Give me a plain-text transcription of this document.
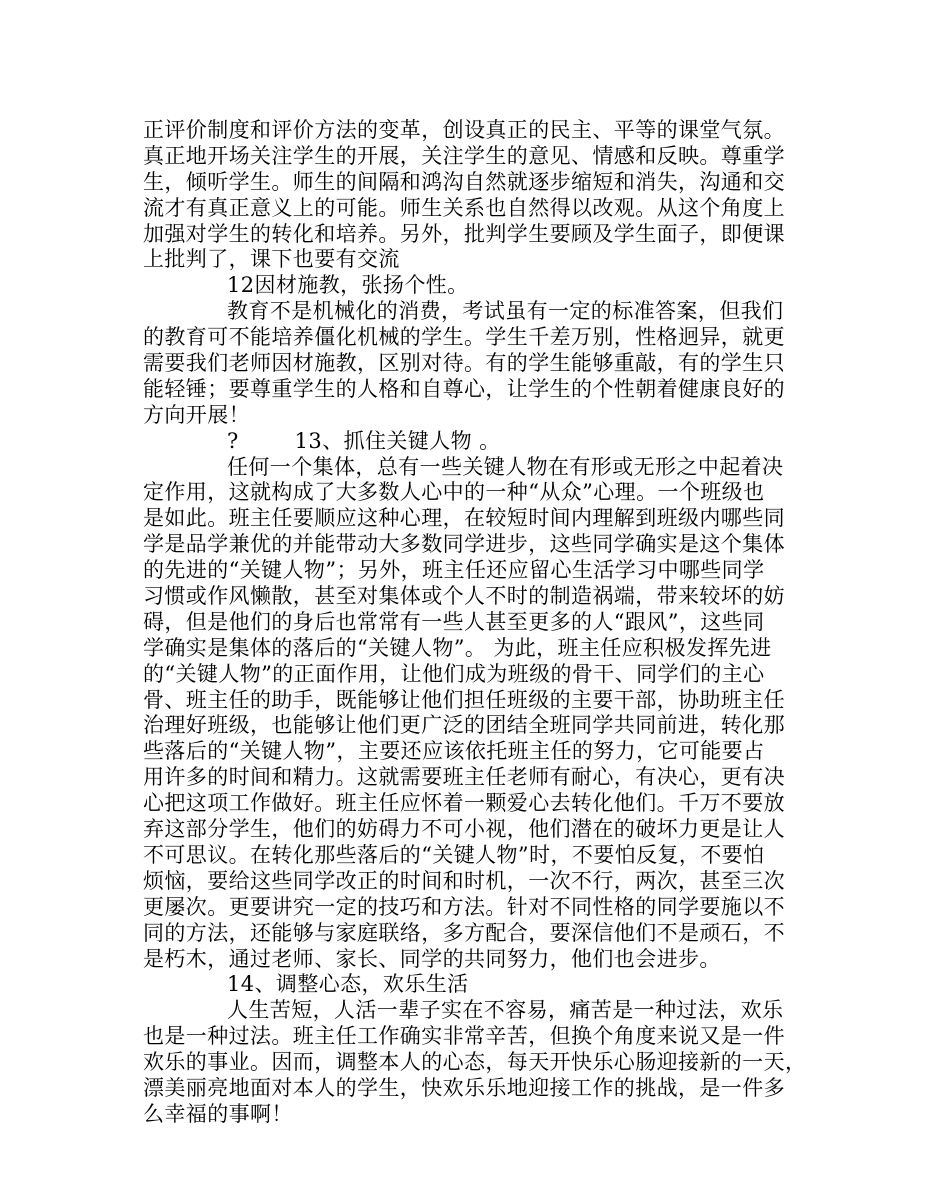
正评价制度和评价方法的变革，创设真正的民主、平等的课堂气氛。
真正地开场关注学生的开展，关注学生的意见、情感和反映。尊重学
生，倾听学生。师生的间隔和鸿沟自然就逐步缩短和消失，沟通和交
流才有真正意义上的可能。师生关系也自然得以改观。从这个角度上
加强对学生的转化和培养。另外，批判学生要顾及学生面子，即便课
上批判了，课下也要有交流
12因材施教，张扬个性。
教育不是机械化的消费，考试虽有一定的标准答案，但我们
的教育可不能培养僵化机械的学生。学生千差万别，性格迥异，就更
需要我们老师因材施教，区别对待。有的学生能够重敲，有的学生只
能轻锤；要尊重学生的人格和自尊心，让学生的个性朝着健康良好的
方向开展！
?	13、抓住关键人物 。
任何一个集体，总有一些关键人物在有形或无形之中起着决
定作用，这就构成了大多数人心中的一种“从众”心理。一个班级也
是如此。班主任要顺应这种心理，在较短时间内理解到班级内哪些同
学是品学兼优的并能带动大多数同学进步，这些同学确实是这个集体
的先进的“关键人物”；另外，班主任还应留心生活学习中哪些同学
习惯或作风懒散，甚至对集体或个人不时的制造祸端，带来较坏的妨
碍，但是他们的身后也常常有一些人甚至更多的人“跟风”，这些同
学确实是集体的落后的“关键人物”。 为此，班主任应积极发挥先进
的“关键人物”的正面作用，让他们成为班级的骨干、同学们的主心
骨、班主任的助手，既能够让他们担任班级的主要干部，协助班主任
治理好班级，也能够让他们更广泛的团结全班同学共同前进，转化那
些落后的“关键人物”，主要还应该依托班主任的努力，它可能要占
用许多的时间和精力。这就需要班主任老师有耐心，有决心，更有决
心把这项工作做好。班主任应怀着一颗爱心去转化他们。千万不要放
弃这部分学生，他们的妨碍力不可小视，他们潜在的破坏力更是让人
不可思议。在转化那些落后的“关键人物”时，不要怕反复，不要怕
烦恼，要给这些同学改正的时间和时机，一次不行，两次，甚至三次
更屡次。更要讲究一定的技巧和方法。针对不同性格的同学要施以不
同的方法，还能够与家庭联络，多方配合，要深信他们不是顽石，不
是朽木，通过老师、家长、同学的共同努力，他们也会进步。
14、调整心态，欢乐生活
人生苦短，人活一辈子实在不容易，痛苦是一种过法，欢乐
也是一种过法。班主任工作确实非常辛苦，但换个角度来说又是一件
欢乐的事业。因而，调整本人的心态，每天开快乐心肠迎接新的一天，
漂美丽亮地面对本人的学生，快欢乐乐地迎接工作的挑战，是一件多
么幸福的事啊！
